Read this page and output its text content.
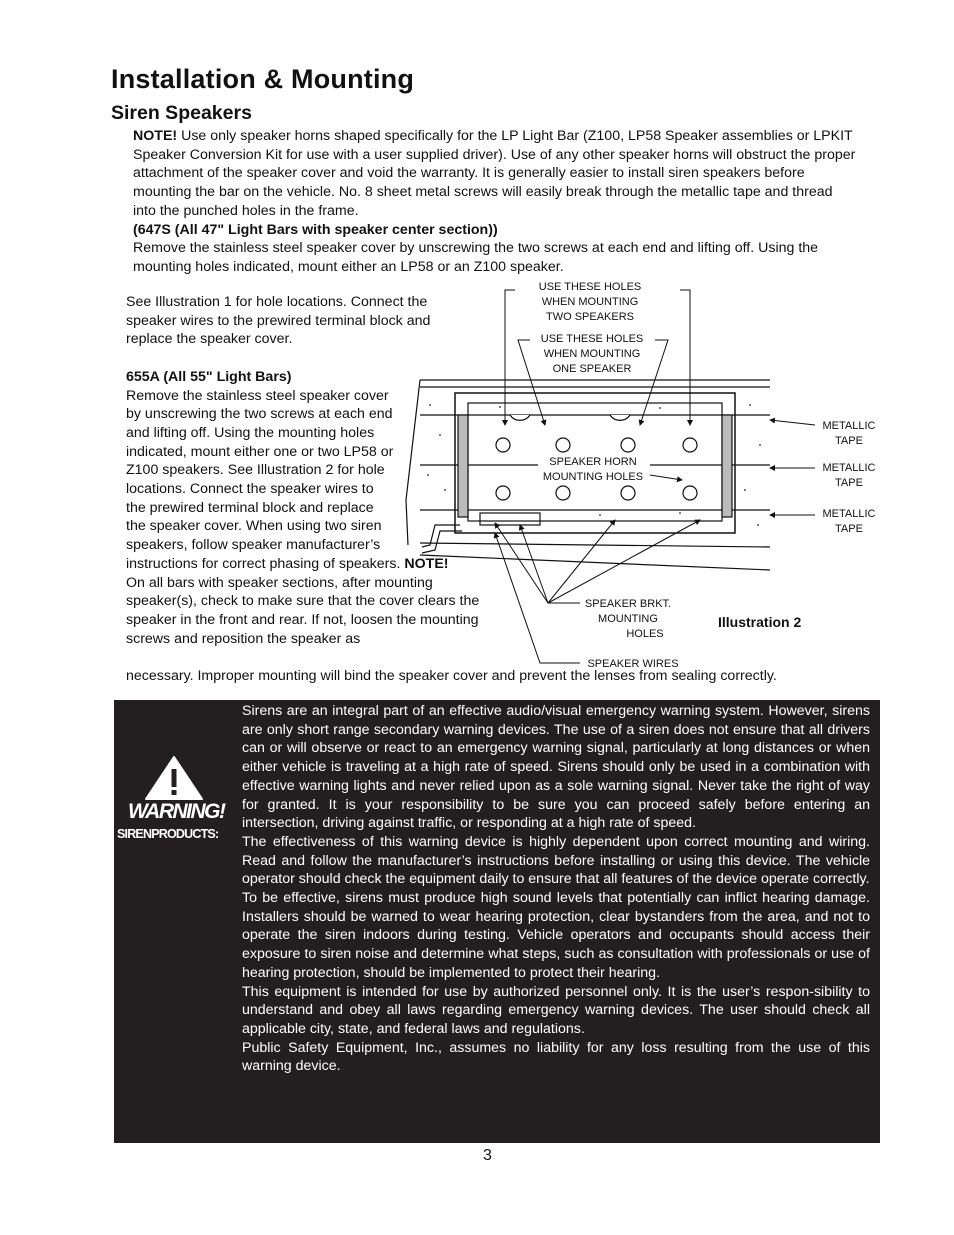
Installation & Mounting
Siren Speakers

NOTE! Use only speaker horns shaped specifically for the LP Light Bar (Z100, LP58 Speaker assemblies or LPKIT Speaker Conversion Kit for use with a user supplied driver). Use of any other speaker horns will obstruct the proper attachment of the speaker cover and void the warranty. It is generally easier to install siren speakers before mounting the bar on the vehicle. No. 8 sheet metal screws will easily break through the metallic tape and thread into the punched holes in the frame.

(647S (All 47" Light Bars with speaker center section))

Remove the stainless steel speaker cover by unscrewing the two screws at each end and lifting off. Using the mounting holes indicated, mount either an LP58 or an Z100 speaker.

See Illustration 1 for hole locations. Connect the speaker wires to the prewired terminal block and replace the speaker cover.

655A (All 55" Light Bars)

Remove the stainless steel speaker cover by unscrewing the two screws at each end and lifting off. Using the mounting holes indicated, mount either one or two LP58 or Z100 speakers. See Illustration 2 for hole locations. Connect the speaker wires to the prewired terminal block and replace the speaker cover. When using two siren speakers, follow speaker manufacturer’s

instructions for correct phasing of speakers. NOTE!

On all bars with speaker sections, after mounting speaker(s), check to make sure that the cover clears the speaker in the front and rear. If not, loosen the mounting screws and reposition the speaker as

necessary. Improper mounting will bind the speaker cover and prevent the lenses from sealing correctly.
USE THESE HOLES
WHEN MOUNTING
TWO SPEAKERS
USE THESE HOLES
WHEN MOUNTING
ONE SPEAKER
SPEAKER HORN
MOUNTING HOLES
METALLIC
TAPE
METALLIC
TAPE
METALLIC
TAPE
SPEAKER BRKT.
MOUNTING
HOLES
SPEAKER WIRES
Illustration 2
WARNING!
SIRENPRODUCTS:

Sirens are an integral part of an effective audio/visual emergency warning system. However, sirens are only short range secondary warning devices. The use of a siren does not ensure that all drivers can or will observe or react to an emergency warning signal, particularly at long distances or when either vehicle is traveling at a high rate of speed. Sirens should only be used in a combination with effective warning lights and never relied upon as a sole warning signal. Never take the right of way for granted. It is your responsibility to be sure you can proceed safely before entering an intersection, driving against traffic, or responding at a high rate of speed.

The effectiveness of this warning device is highly dependent upon correct mounting and wiring. Read and follow the manufacturer’s instructions before installing or using this device. The vehicle operator should check the equipment daily to ensure that all features of the device operate correctly.

To be effective, sirens must produce high sound levels that potentially can inflict hearing damage. Installers should be warned to wear hearing protection, clear bystanders from the area, and not to operate the siren indoors during testing. Vehicle operators and occupants should access their exposure to siren noise and determine what steps, such as consultation with professionals or use of hearing protection, should be implemented to protect their hearing.

This equipment is intended for use by authorized personnel only. It is the user’s respon-sibility to understand and obey all laws regarding emergency warning devices. The user should check all applicable city, state, and federal laws and regulations.

Public Safety Equipment, Inc., assumes no liability for any loss resulting from the use of this warning device.

3
